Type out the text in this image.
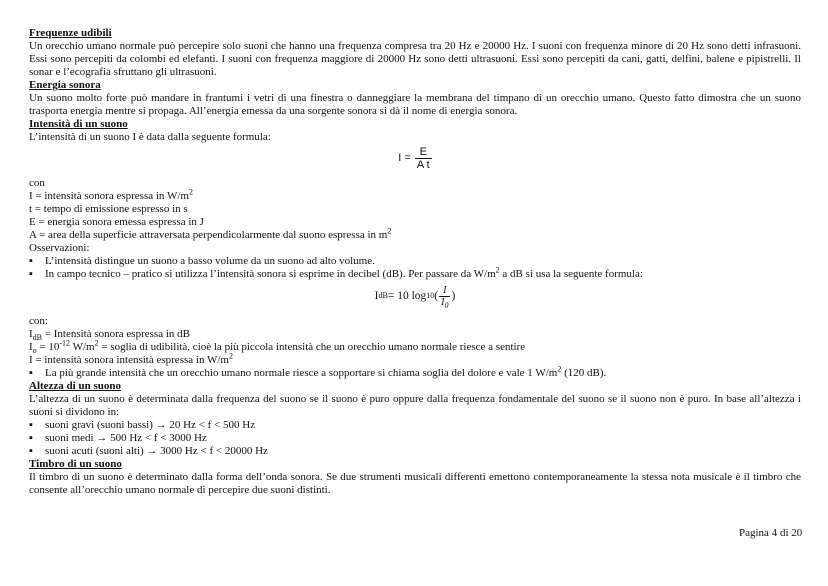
Frequenze udibili
Un orecchio umano normale può percepire solo suoni che hanno una frequenza compresa tra 20 Hz e 20000 Hz. I suoni con frequenza minore di 20 Hz sono detti infrasuoni. Essi sono percepiti da colombi ed elefanti. I suoni con frequenza maggiore di 20000 Hz sono detti ultrasuoni. Essi sono percepiti da cani, gatti, delfini, balene e pipistrelli. Il sonar e l’ecografia sfruttano gli ultrasuoni.
Energia sonora
Un suono molto forte può mandare in frantumi i vetri di una finestra o danneggiare la membrana del timpano di un orecchio umano. Questo fatto dimostra che un suono trasporta energia mentre si propaga. All’energia emessa da una sorgente sonora si dà il nome di energia sonora.
Intensità di un suono
L’intensità di un suono I è data dalla seguente formula:
$I = \frac{E}{\text{A t}}$
con
I = intensità sonora espressa in $W/m^2$
t = tempo di emissione espresso in s
E = energia sonora emessa espressa in J
A = area della superficie attraversata perpendicolarmente dal suono espressa in $m^2$
Osservazioni:
▪	L’intensità distingue un suono a basso volume da un suono ad alto volume.
▪	In campo tecnico – pratico si utilizza l’intensità sonora si esprime in decibel (dB). Per passare da $W/m^2$ a dB si usa la seguente formula:
I dB = 10 log 10 ( $\frac{I}{I_0}$ )
con:
$I_{dB}$ = Intensità sonora espressa in dB
$I_o = 10^{-12}$ $W/m^2$ = soglia di udibilità, cioè la più piccola intensità che un orecchio umano normale riesce a sentire
I = intensità sonora intensità espressa in $W/m^2$
▪	La più grande intensità che un orecchio umano normale riesce a sopportare si chiama soglia del dolore e vale 1 $W/m^2$ (120 dB).
Altezza di un suono
L’altezza di un suono è determinata dalla frequenza del suono se il suono è puro oppure dalla frequenza fondamentale del suono se il suono non è puro. In base all’altezza i suoni si dividono in:
▪	suoni gravi (suoni bassi) → 20 Hz < f < 500 Hz
▪	suoni medi → 500 Hz < f < 3000 Hz
▪	suoni acuti (suoni alti) → 3000 Hz < f < 20000 Hz
Timbro di un suono
Il timbro di un suono è determinato dalla forma dell’onda sonora. Se due strumenti musicali differenti emettono contemporaneamente la stessa nota musicale è il timbro che consente all’orecchio umano normale di percepire due suoni distinti.
Pagina 4 di 20
